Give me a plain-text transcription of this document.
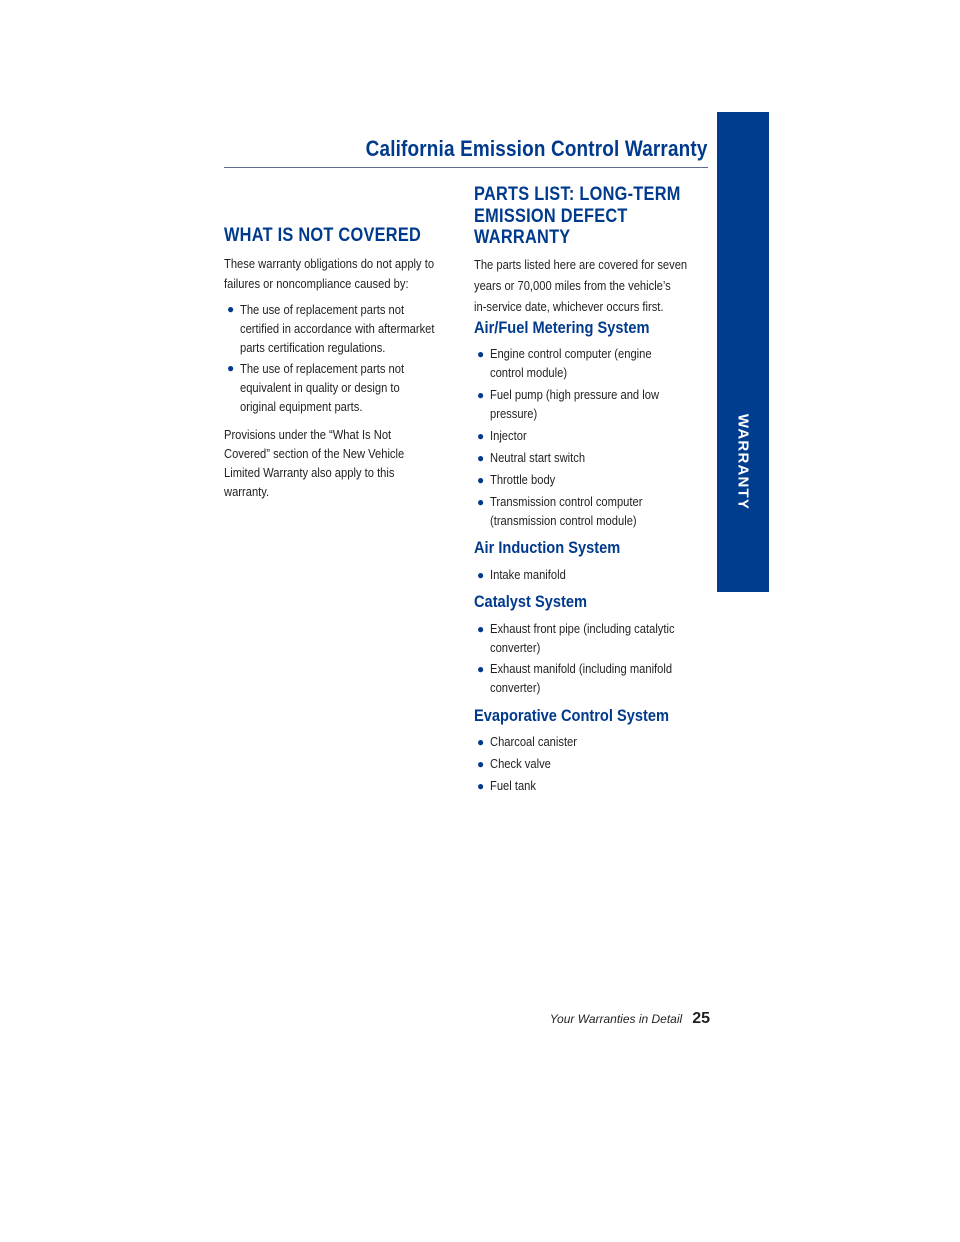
California Emission Control Warranty
WARRANTY
WHAT IS NOT COVERED

These warranty obligations do not apply to

failures or noncompliance caused by:

● The use of replacement parts not
certified in accordance with aftermarket
parts certification regulations.
● The use of replacement parts not
equivalent in quality or design to
original equipment parts.

Provisions under the “What Is Not

Covered” section of the New Vehicle

Limited Warranty also apply to this

warranty.

PARTS LIST: LONG-TERM
EMISSION DEFECT
WARRANTY

The parts listed here are covered for seven

years or 70,000 miles from the vehicle’s

in-service date, whichever occurs first.

Air/Fuel Metering System
● Engine control computer (engine
control module)
● Fuel pump (high pressure and low
pressure)
● Injector
● Neutral start switch
● Throttle body
● Transmission control computer
(transmission control module)
Air Induction System
● Intake manifold
Catalyst System
● Exhaust front pipe (including catalytic
converter)
● Exhaust manifold (including manifold
converter)
Evaporative Control System
● Charcoal canister
● Check valve
● Fuel tank
Your Warranties in Detail 25
